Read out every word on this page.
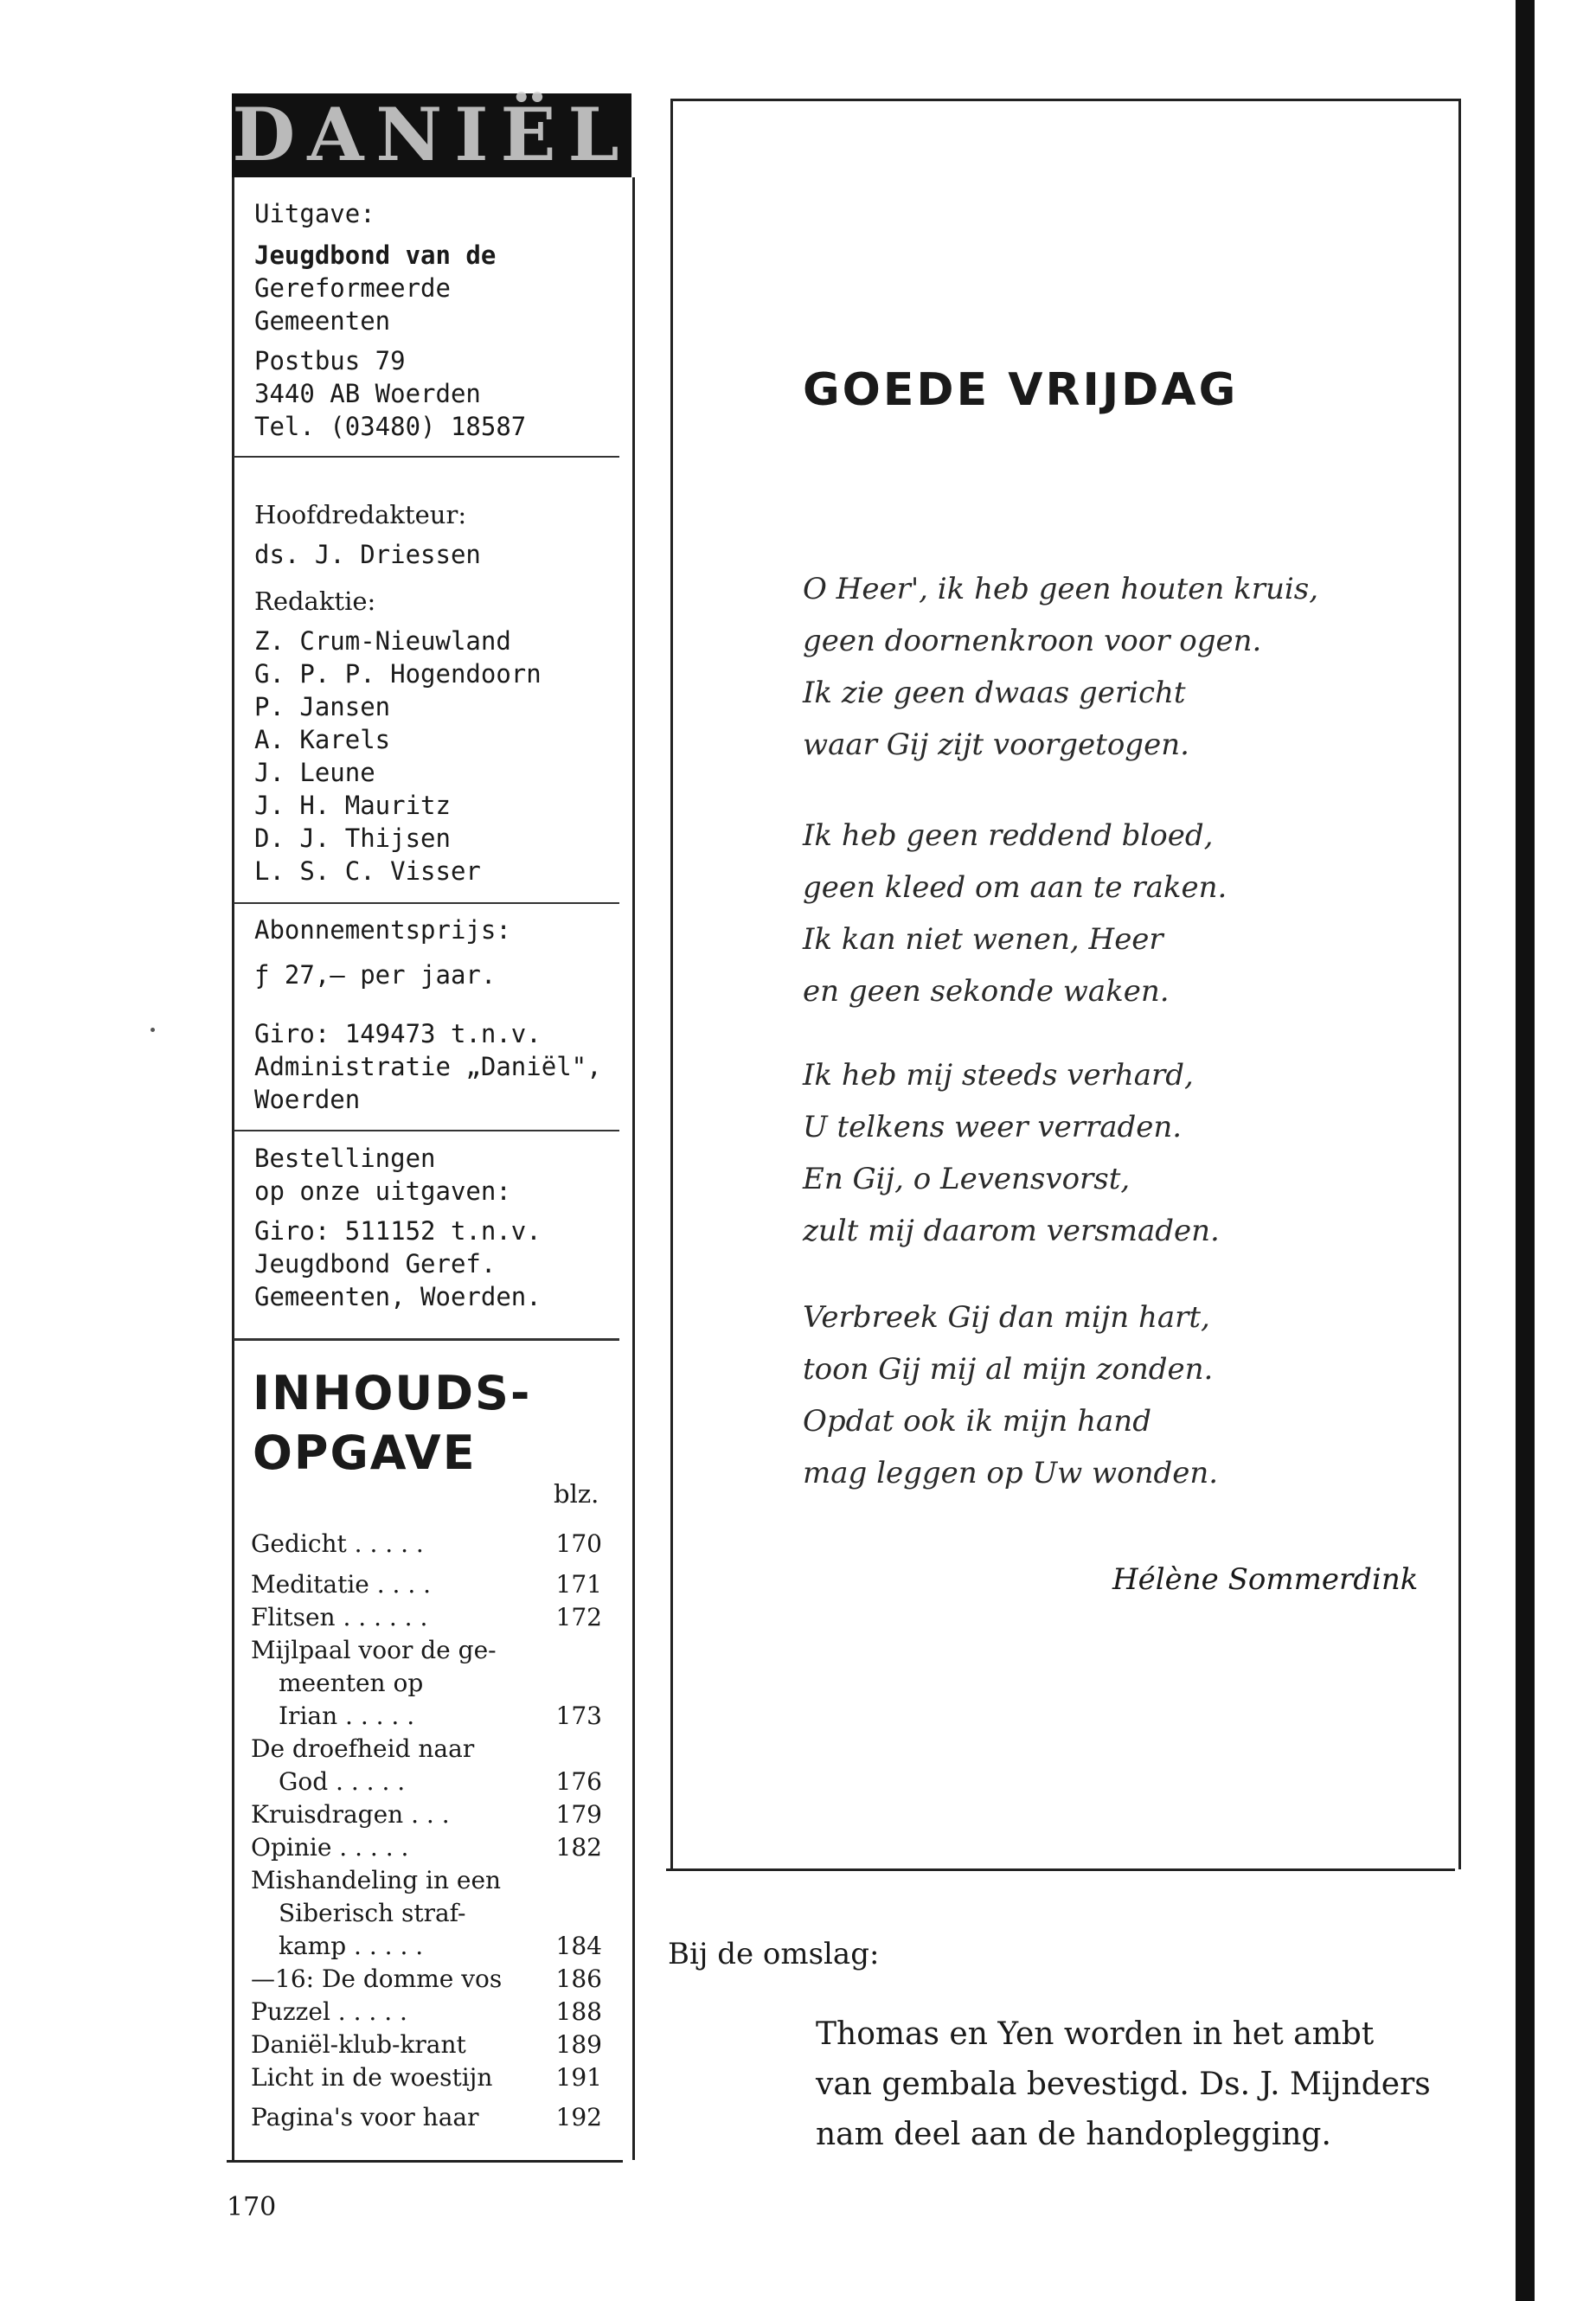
DANIËL
Uitgave:
Jeugdbond van de
Gereformeerde
Gemeenten
Postbus 79
3440 AB Woerden
Tel. (03480) 18587
Hoofdredakteur:
ds. J. Driessen
Redaktie:
Z. Crum-Nieuwland
G. P. P. Hogendoorn
P. Jansen
A. Karels
J. Leune
J. H. Mauritz
D. J. Thijsen
L. S. C. Visser
Abonnementsprijs:
ƒ 27,— per jaar.
Giro: 149473 t.n.v.
Administratie „Daniël",
Woerden
Bestellingen
op onze uitgaven:
Giro: 511152 t.n.v.
Jeugdbond Geref.
Gemeenten, Woerden.
INHOUDS-
OPGAVE
blz.
Gedicht . . . . .	170
Meditatie . . . .	171
Flitsen . . . . . .	172
Mijlpaal voor de ge-
meenten op
Irian . . . . .	173
De droefheid naar
God . . . . .	176
Kruisdragen . . .	179
Opinie . . . . .	182
Mishandeling in een
Siberisch straf-
kamp . . . . .	184
—16: De domme vos 186
Puzzel . . . . .	188
Daniël-klub-krant	189
Licht in de woestijn	191
Pagina's voor haar	192
170
GOEDE VRIJDAG
O Heer', ik heb geen houten kruis,
geen doornenkroon voor ogen.
Ik zie geen dwaas gericht
waar Gij zijt voorgetogen.
Ik heb geen reddend bloed,
geen kleed om aan te raken.
Ik kan niet wenen, Heer
en geen sekonde waken.
Ik heb mij steeds verhard,
U telkens weer verraden.
En Gij, o Levensvorst,
zult mij daarom versmaden.
Verbreek Gij dan mijn hart,
toon Gij mij al mijn zonden.
Opdat ook ik mijn hand
mag leggen op Uw wonden.
Hélène Sommerdink
Bij de omslag:
Thomas en Yen worden in het ambt
van gembala bevestigd. Ds. J. Mijnders
nam deel aan de handoplegging.
